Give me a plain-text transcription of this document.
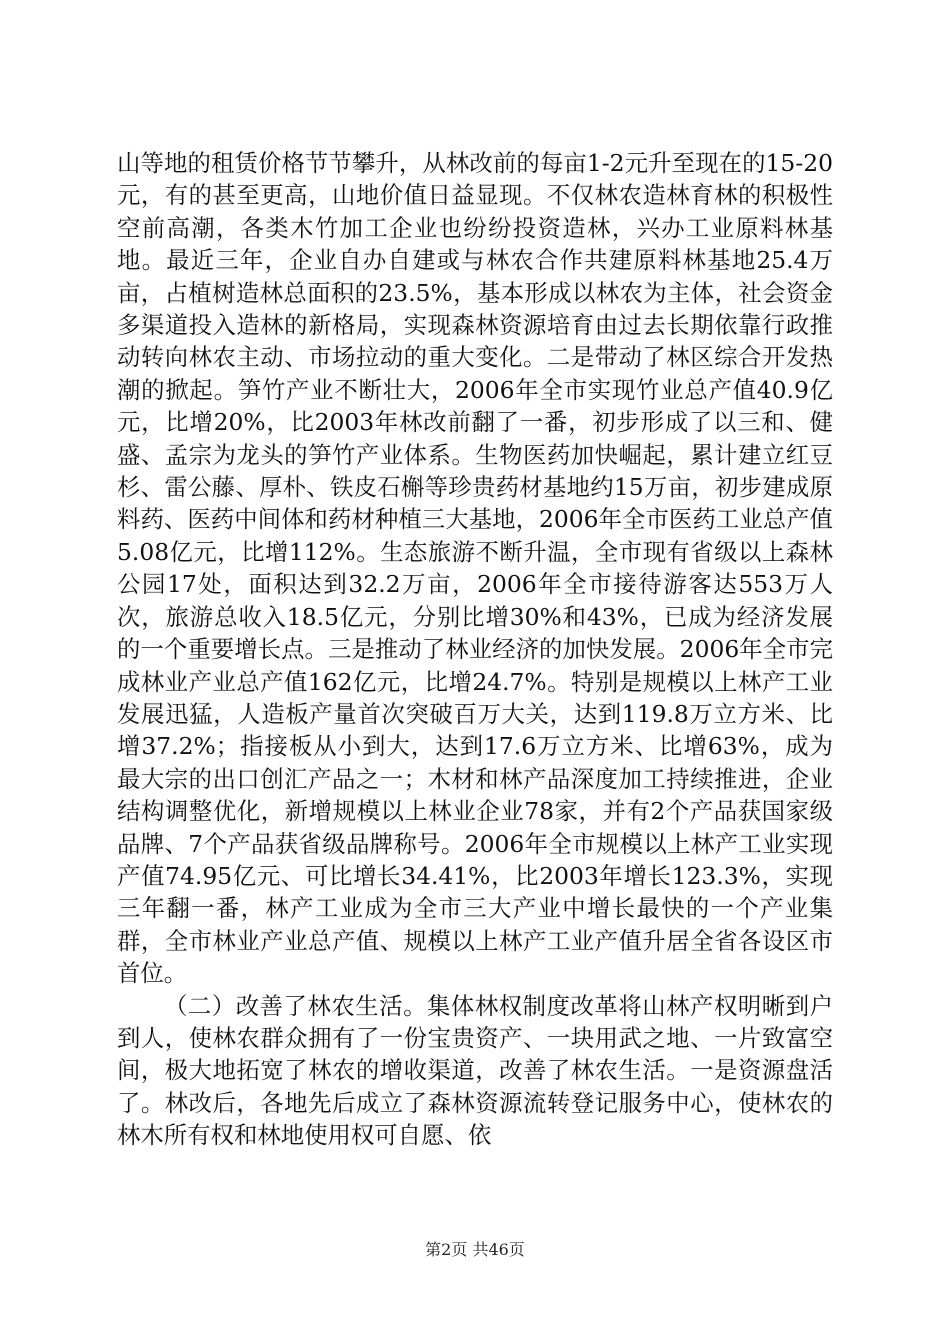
山等地的租赁价格节节攀升，从林改前的每亩1-2元升至现在的15-20元，有的甚至更高，山地价值日益显现。不仅林农造林育林的积极性空前高潮，各类木竹加工企业也纷纷投资造林，兴办工业原料林基地。最近三年，企业自办自建或与林农合作共建原料林基地25.4万亩，占植树造林总面积的23.5%，基本形成以林农为主体，社会资金多渠道投入造林的新格局，实现森林资源培育由过去长期依靠行政推动转向林农主动、市场拉动的重大变化。二是带动了林区综合开发热潮的掀起。笋竹产业不断壮大，2006年全市实现竹业总产值40.9亿元，比增20%，比2003年林改前翻了一番，初步形成了以三和、健盛、孟宗为龙头的笋竹产业体系。生物医药加快崛起，累计建立红豆杉、雷公藤、厚朴、铁皮石槲等珍贵药材基地约15万亩，初步建成原料药、医药中间体和药材种植三大基地，2006年全市医药工业总产值5.08亿元，比增112%。生态旅游不断升温，全市现有省级以上森林公园17处，面积达到32.2万亩，2006年全市接待游客达553万人次，旅游总收入18.5亿元，分别比增30%和43%，已成为经济发展的一个重要增长点。三是推动了林业经济的加快发展。2006年全市完成林业产业总产值162亿元，比增24.7%。特别是规模以上林产工业发展迅猛，人造板产量首次突破百万大关，达到119.8万立方米、比增37.2%；指接板从小到大，达到17.6万立方米、比增63%，成为最大宗的出口创汇产品之一；木材和林产品深度加工持续推进，企业结构调整优化，新增规模以上林业企业78家，并有2个产品获国家级品牌、7个产品获省级品牌称号。2006年全市规模以上林产工业实现产值74.95亿元、可比增长34.41%，比2003年增长123.3%，实现三年翻一番，林产工业成为全市三大产业中增长最快的一个产业集群，全市林业产业总产值、规模以上林产工业产值升居全省各设区市首位。

（二）改善了林农生活。集体林权制度改革将山林产权明晰到户到人，使林农群众拥有了一份宝贵资产、一块用武之地、一片致富空间，极大地拓宽了林农的增收渠道，改善了林农生活。一是资源盘活了。林改后，各地先后成立了森林资源流转登记服务中心，使林农的林木所有权和林地使用权可自愿、依

第2页 共46页
